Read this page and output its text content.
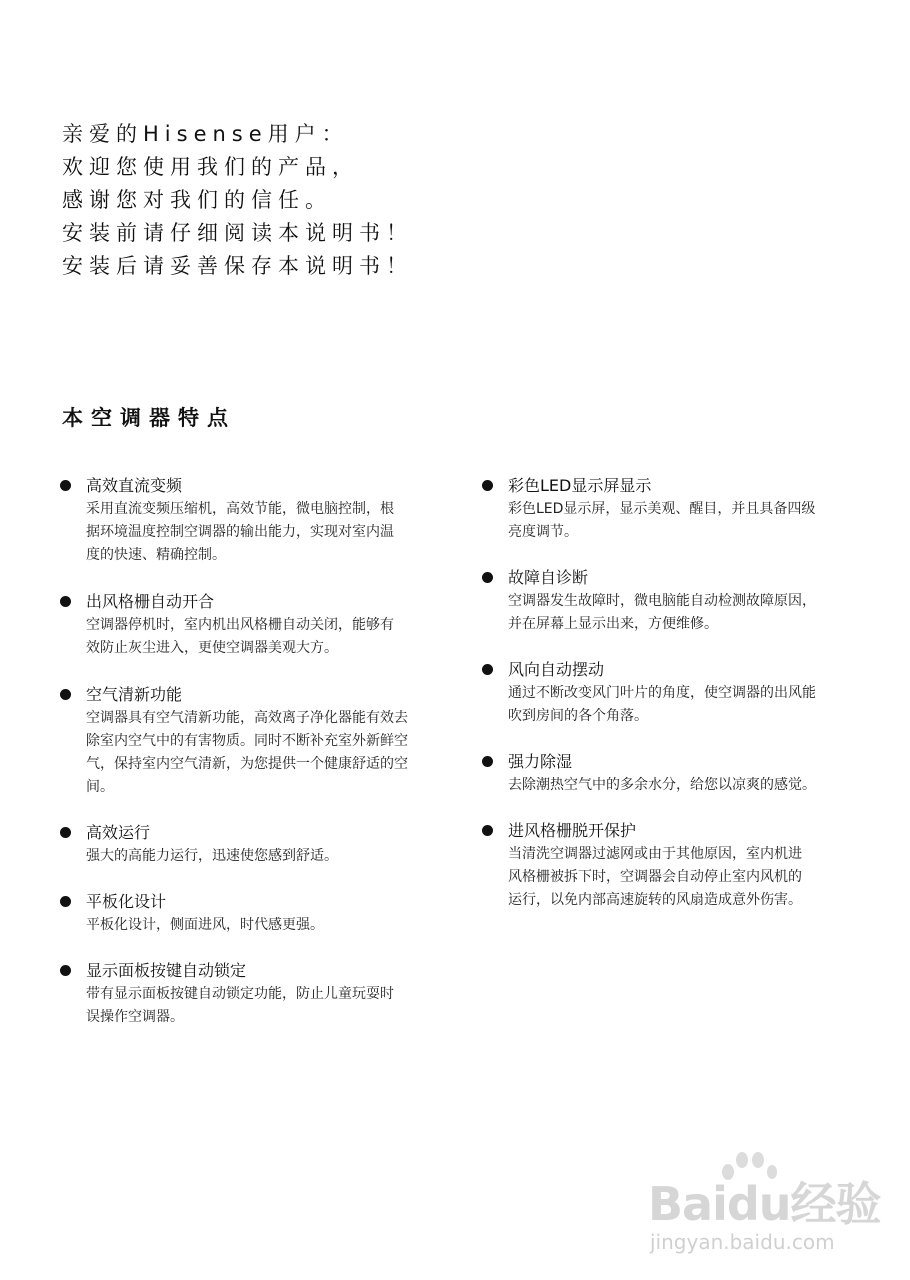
亲爱的Hisense用户：
欢迎您使用我们的产品，
感谢您对我们的信任。
安装前请仔细阅读本说明书！
安装后请妥善保存本说明书！
本空调器特点
高效直流变频
采用直流变频压缩机，高效节能，微电脑控制，根
据环境温度控制空调器的输出能力，实现对室内温
度的快速、精确控制。
出风格栅自动开合
空调器停机时，室内机出风格栅自动关闭，能够有
效防止灰尘进入，更使空调器美观大方。
空气清新功能
空调器具有空气清新功能，高效离子净化器能有效去
除室内空气中的有害物质。同时不断补充室外新鲜空
气，保持室内空气清新，为您提供一个健康舒适的空
间。
高效运行
强大的高能力运行，迅速使您感到舒适。
平板化设计
平板化设计，侧面进风，时代感更强。
显示面板按键自动锁定
带有显示面板按键自动锁定功能，防止儿童玩耍时
误操作空调器。
彩色LED显示屏显示
彩色LED显示屏，显示美观、醒目，并且具备四级
亮度调节。
故障自诊断
空调器发生故障时，微电脑能自动检测故障原因，
并在屏幕上显示出来，方便维修。
风向自动摆动
通过不断改变风门叶片的角度，使空调器的出风能
吹到房间的各个角落。
强力除湿
去除潮热空气中的多余水分，给您以凉爽的感觉。
进风格栅脱开保护
当清洗空调器过滤网或由于其他原因，室内机进
风格栅被拆下时，空调器会自动停止室内风机的
运行，以免内部高速旋转的风扇造成意外伤害。
Baidu经验
jingyan.baidu.com
